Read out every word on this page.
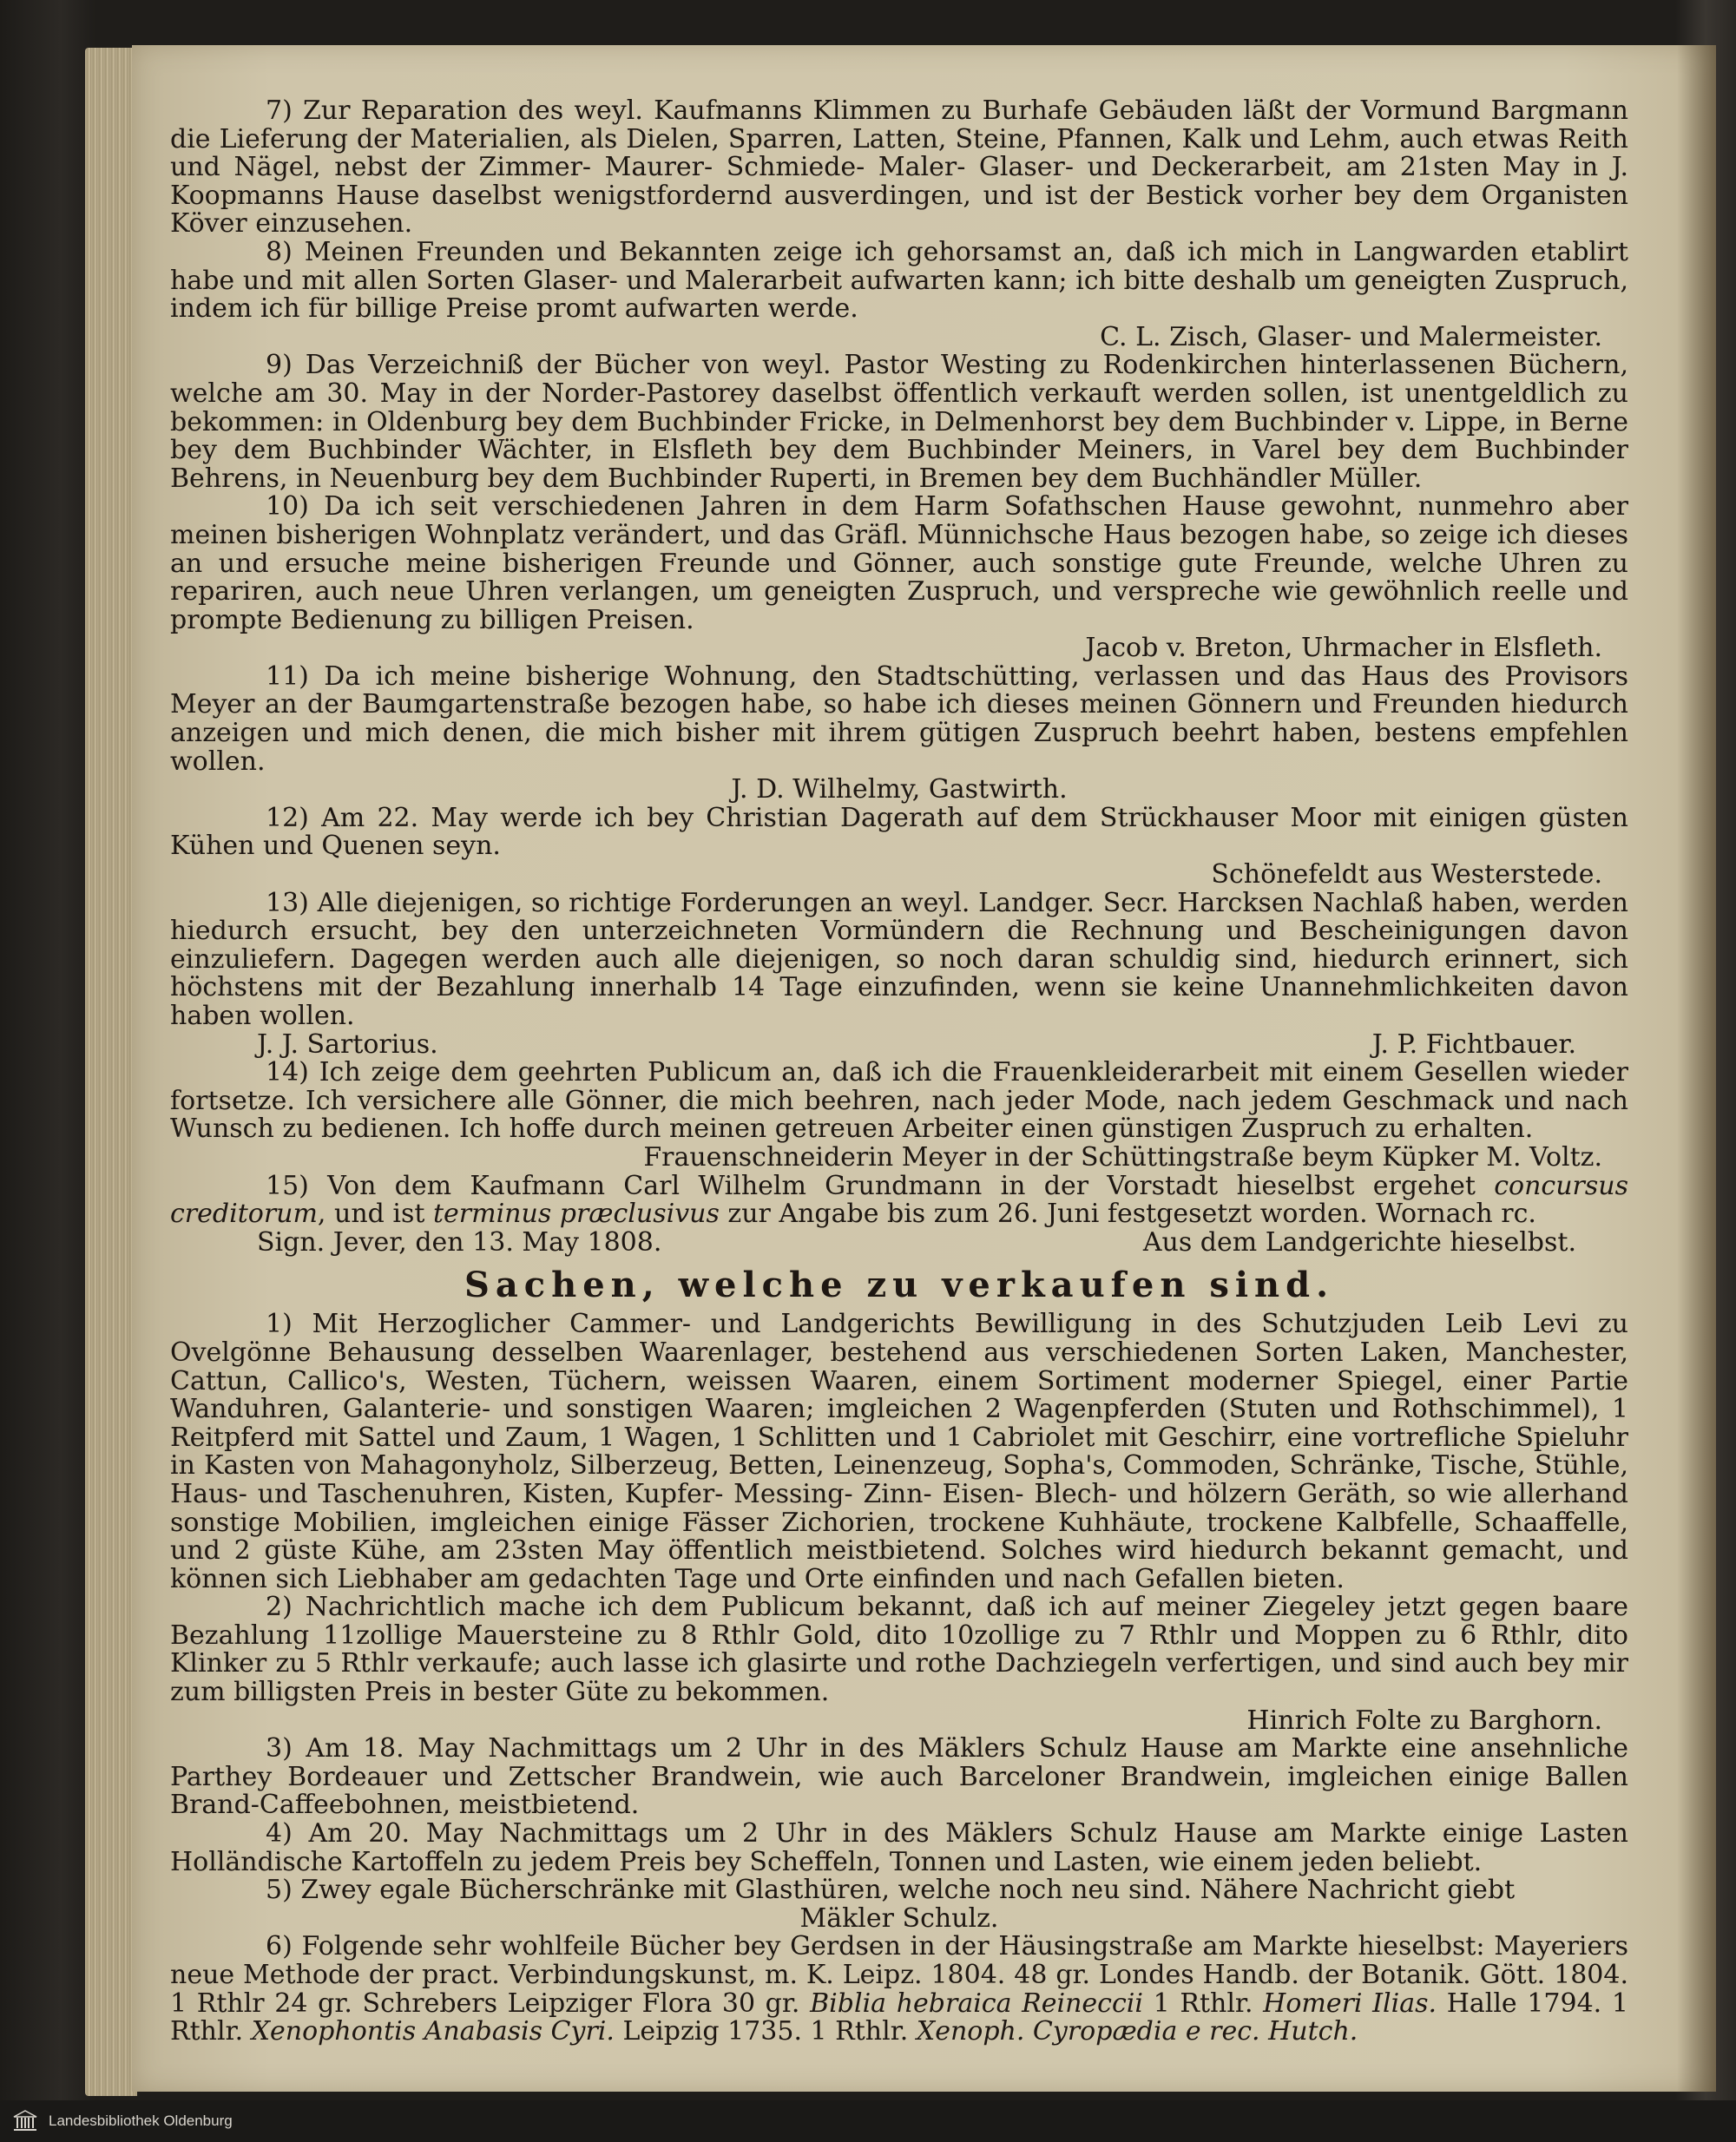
7) Zur Reparation des weyl. Kaufmanns Klimmen zu Burhafe Gebäuden läßt der Vormund Bargmann die Lieferung der Materialien, als Dielen, Sparren, Latten, Steine, Pfannen, Kalk und Lehm, auch etwas Reith und Nägel, nebst der Zimmer- Maurer- Schmiede- Maler- Glaser- und Deckerarbeit, am 21sten May in J. Koopmanns Hause daselbst wenigstfordernd ausverdingen, und ist der Bestick vorher bey dem Organisten Köver einzusehen.

8) Meinen Freunden und Bekannten zeige ich gehorsamst an, daß ich mich in Langwarden etablirt habe und mit allen Sorten Glaser- und Malerarbeit aufwarten kann; ich bitte deshalb um geneigten Zuspruch, indem ich für billige Preise promt aufwarten werde.

C. L. Zisch, Glaser- und Malermeister.

9) Das Verzeichniß der Bücher von weyl. Pastor Westing zu Rodenkirchen hinterlassenen Büchern, welche am 30. May in der Norder-Pastorey daselbst öffentlich verkauft werden sollen, ist unentgeldlich zu bekommen: in Oldenburg bey dem Buchbinder Fricke, in Delmenhorst bey dem Buchbinder v. Lippe, in Berne bey dem Buchbinder Wächter, in Elsfleth bey dem Buchbinder Meiners, in Varel bey dem Buchbinder Behrens, in Neuenburg bey dem Buchbinder Ruperti, in Bremen bey dem Buchhändler Müller.

10) Da ich seit verschiedenen Jahren in dem Harm Sofathschen Hause gewohnt, nunmehro aber meinen bisherigen Wohnplatz verändert, und das Gräfl. Münnichsche Haus bezogen habe, so zeige ich dieses an und ersuche meine bisherigen Freunde und Gönner, auch sonstige gute Freunde, welche Uhren zu repariren, auch neue Uhren verlangen, um geneigten Zuspruch, und verspreche wie gewöhnlich reelle und prompte Bedienung zu billigen Preisen.

Jacob v. Breton, Uhrmacher in Elsfleth.

11) Da ich meine bisherige Wohnung, den Stadtschütting, verlassen und das Haus des Provisors Meyer an der Baumgartenstraße bezogen habe, so habe ich dieses meinen Gönnern und Freunden hiedurch anzeigen und mich denen, die mich bisher mit ihrem gütigen Zuspruch beehrt haben, bestens empfehlen wollen.

J. D. Wilhelmy, Gastwirth.

12) Am 22. May werde ich bey Christian Dagerath auf dem Strückhauser Moor mit einigen güsten Kühen und Quenen seyn.

Schönefeldt aus Westerstede.

13) Alle diejenigen, so richtige Forderungen an weyl. Landger. Secr. Harcksen Nachlaß haben, werden hiedurch ersucht, bey den unterzeichneten Vormündern die Rechnung und Bescheinigungen davon einzuliefern. Dagegen werden auch alle diejenigen, so noch daran schuldig sind, hiedurch erinnert, sich höchstens mit der Bezahlung innerhalb 14 Tage einzufinden, wenn sie keine Unannehmlichkeiten davon haben wollen.

J. J. Sartorius.	J. P. Fichtbauer.

14) Ich zeige dem geehrten Publicum an, daß ich die Frauenkleiderarbeit mit einem Gesellen wieder fortsetze. Ich versichere alle Gönner, die mich beehren, nach jeder Mode, nach jedem Geschmack und nach Wunsch zu bedienen. Ich hoffe durch meinen getreuen Arbeiter einen günstigen Zuspruch zu erhalten.

Frauenschneiderin Meyer in der Schüttingstraße beym Küpker M. Voltz.

15) Von dem Kaufmann Carl Wilhelm Grundmann in der Vorstadt hieselbst ergehet concursus creditorum, und ist terminus præclusivus zur Angabe bis zum 26. Juni festgesetzt worden. Wornach rc.

Sign. Jever, den 13. May 1808.	Aus dem Landgerichte hieselbst.
Sachen, welche zu verkaufen sind.

1) Mit Herzoglicher Cammer- und Landgerichts Bewilligung in des Schutzjuden Leib Levi zu Ovelgönne Behausung desselben Waarenlager, bestehend aus verschiedenen Sorten Laken, Manchester, Cattun, Callico's, Westen, Tüchern, weissen Waaren, einem Sortiment moderner Spiegel, einer Partie Wanduhren, Galanterie- und sonstigen Waaren; imgleichen 2 Wagenpferden (Stuten und Rothschimmel), 1 Reitpferd mit Sattel und Zaum, 1 Wagen, 1 Schlitten und 1 Cabriolet mit Geschirr, eine vortrefliche Spieluhr in Kasten von Mahagonyholz, Silberzeug, Betten, Leinenzeug, Sopha's, Commoden, Schränke, Tische, Stühle, Haus- und Taschenuhren, Kisten, Kupfer- Messing- Zinn- Eisen- Blech- und hölzern Geräth, so wie allerhand sonstige Mobilien, imgleichen einige Fässer Zichorien, trockene Kuhhäute, trockene Kalbfelle, Schaaffelle, und 2 güste Kühe, am 23sten May öffentlich meistbietend. Solches wird hiedurch bekannt gemacht, und können sich Liebhaber am gedachten Tage und Orte einfinden und nach Gefallen bieten.

2) Nachrichtlich mache ich dem Publicum bekannt, daß ich auf meiner Ziegeley jetzt gegen baare Bezahlung 11zollige Mauersteine zu 8 Rthlr Gold, dito 10zollige zu 7 Rthlr und Moppen zu 6 Rthlr, dito Klinker zu 5 Rthlr verkaufe; auch lasse ich glasirte und rothe Dachziegeln verfertigen, und sind auch bey mir zum billigsten Preis in bester Güte zu bekommen.

Hinrich Folte zu Barghorn.

3) Am 18. May Nachmittags um 2 Uhr in des Mäklers Schulz Hause am Markte eine ansehnliche Parthey Bordeauer und Zettscher Brandwein, wie auch Barceloner Brandwein, imgleichen einige Ballen Brand-Caffeebohnen, meistbietend.

4) Am 20. May Nachmittags um 2 Uhr in des Mäklers Schulz Hause am Markte einige Lasten Holländische Kartoffeln zu jedem Preis bey Scheffeln, Tonnen und Lasten, wie einem jeden beliebt.

5) Zwey egale Bücherschränke mit Glasthüren, welche noch neu sind. Nähere Nachricht giebt

Mäkler Schulz.

6) Folgende sehr wohlfeile Bücher bey Gerdsen in der Häusingstraße am Markte hieselbst: Mayeriers neue Methode der pract. Verbindungskunst, m. K. Leipz. 1804. 48 gr. Londes Handb. der Botanik. Gött. 1804. 1 Rthlr 24 gr. Schrebers Leipziger Flora 30 gr. Biblia hebraica Reineccii 1 Rthlr. Homeri Ilias. Halle 1794. 1 Rthlr. Xenophontis Anabasis Cyri. Leipzig 1735. 1 Rthlr. Xenoph. Cyropædia e rec. Hutch.

Landesbibliothek Oldenburg
